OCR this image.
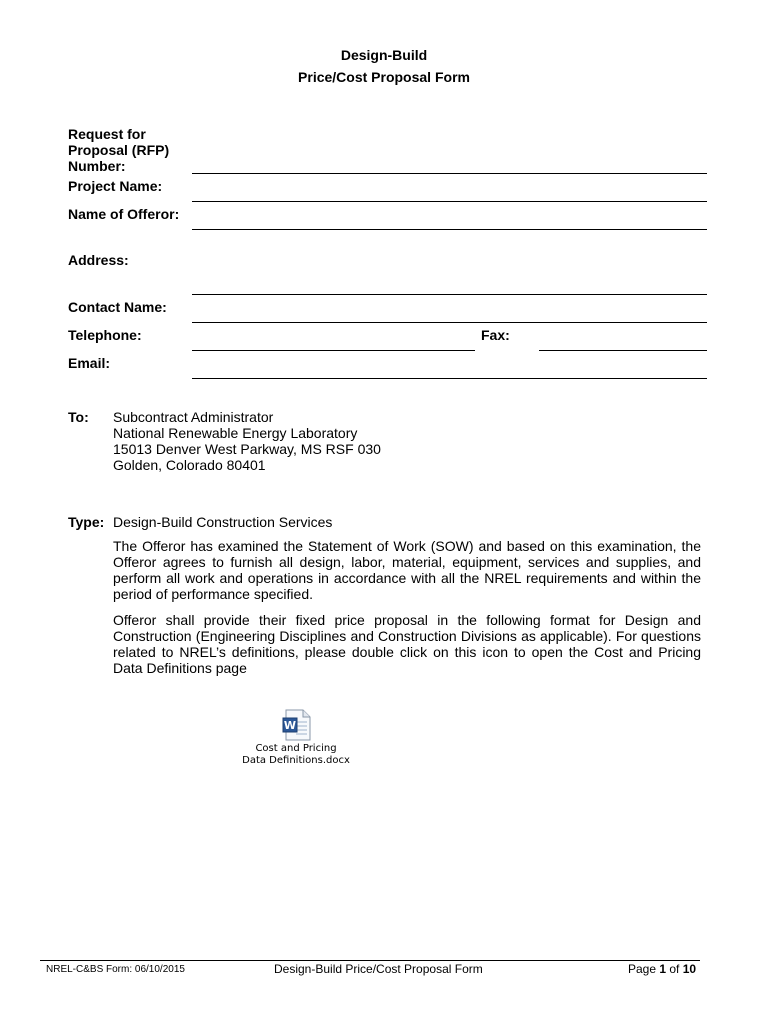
Design-Build
Price/Cost Proposal Form
Request for
Proposal (RFP)
Number:
Project Name:
Name of Offeror:
Address:
Contact Name:
Telephone:	Fax:
Email:
To: Subcontract Administrator
National Renewable Energy Laboratory
15013 Denver West Parkway, MS RSF 030
Golden, Colorado 80401
Type: Design-Build Construction Services
The Offeror has examined the Statement of Work (SOW) and based on this examination, the Offeror agrees to furnish all design, labor, material, equipment, services and supplies, and perform all work and operations in accordance with all the NREL requirements and within the period of performance specified.
Offeror shall provide their fixed price proposal in the following format for Design and Construction (Engineering Disciplines and Construction Divisions as applicable). For questions related to NREL’s definitions, please double click on this icon to open the Cost and Pricing Data Definitions page
W
Cost and Pricing
Data Definitions.docx
NREL-C&BS Form: 06/10/2015	Design-Build Price/Cost Proposal Form	Page 1 of 10
